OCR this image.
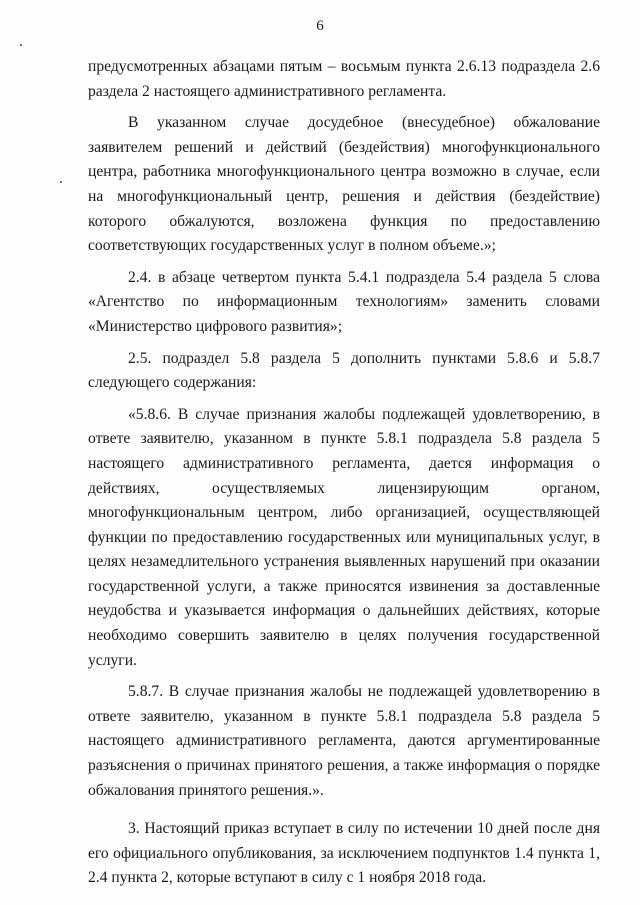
6

предусмотренных абзацами пятым – восьмым пункта 2.6.13 подраздела 2.6 раздела 2 настоящего административного регламента.

В указанном случае досудебное (внесудебное) обжалование заявителем решений и действий (бездействия) многофункционального центра, работника многофункционального центра возможно в случае, если на многофункциональный центр, решения и действия (бездействие) которого обжалуются, возложена функция по предоставлению соответствующих государственных услуг в полном объеме.»;

2.4. в абзаце четвертом пункта 5.4.1 подраздела 5.4 раздела 5 слова «Агентство по информационным технологиям» заменить словами «Министерство цифрового развития»;

2.5. подраздел 5.8 раздела 5 дополнить пунктами 5.8.6 и 5.8.7 следующего содержания:

«5.8.6. В случае признания жалобы подлежащей удовлетворению, в ответе заявителю, указанном в пункте 5.8.1 подраздела 5.8 раздела 5 настоящего административного регламента, дается информация о действиях, осуществляемых лицензирующим органом, многофункциональным центром, либо организацией, осуществляющей функции по предоставлению государственных или муниципальных услуг, в целях незамедлительного устранения выявленных нарушений при оказании государственной услуги, а также приносятся извинения за доставленные неудобства и указывается информация о дальнейших действиях, которые необходимо совершить заявителю в целях получения государственной услуги.

5.8.7. В случае признания жалобы не подлежащей удовлетворению в ответе заявителю, указанном в пункте 5.8.1 подраздела 5.8 раздела 5 настоящего административного регламента, даются аргументированные разъяснения о причинах принятого решения, а также информация о порядке обжалования принятого решения.».

3. Настоящий приказ вступает в силу по истечении 10 дней после дня его официального опубликования, за исключением подпунктов 1.4 пункта 1, 2.4 пункта 2, которые вступают в силу с 1 ноября 2018 года.
